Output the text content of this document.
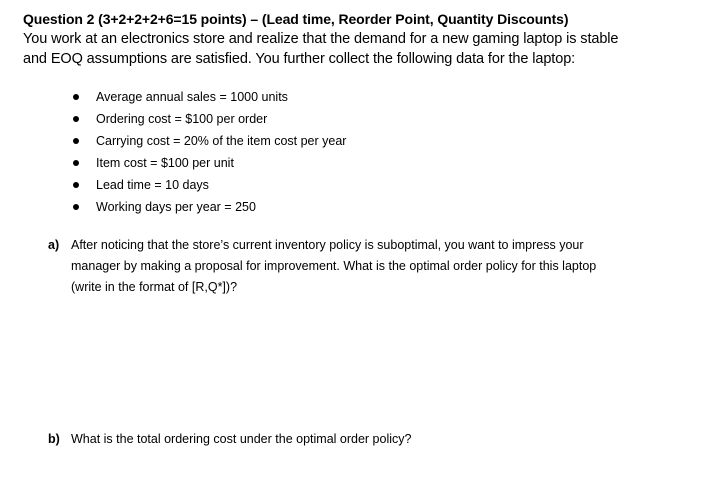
Question 2 (3+2+2+2+6=15 points) – (Lead time, Reorder Point, Quantity Discounts)
You work at an electronics store and realize that the demand for a new gaming laptop is stable
and EOQ assumptions are satisfied. You further collect the following data for the laptop:
Average annual sales = 1000 units
Ordering cost = $100 per order
Carrying cost = 20% of the item cost per year
Item cost = $100 per unit
Lead time = 10 days
Working days per year = 250
a) After noticing that the store’s current inventory policy is suboptimal, you want to impress your
manager by making a proposal for improvement. What is the optimal order policy for this laptop
(write in the format of [R,Q*])?
b) What is the total ordering cost under the optimal order policy?
